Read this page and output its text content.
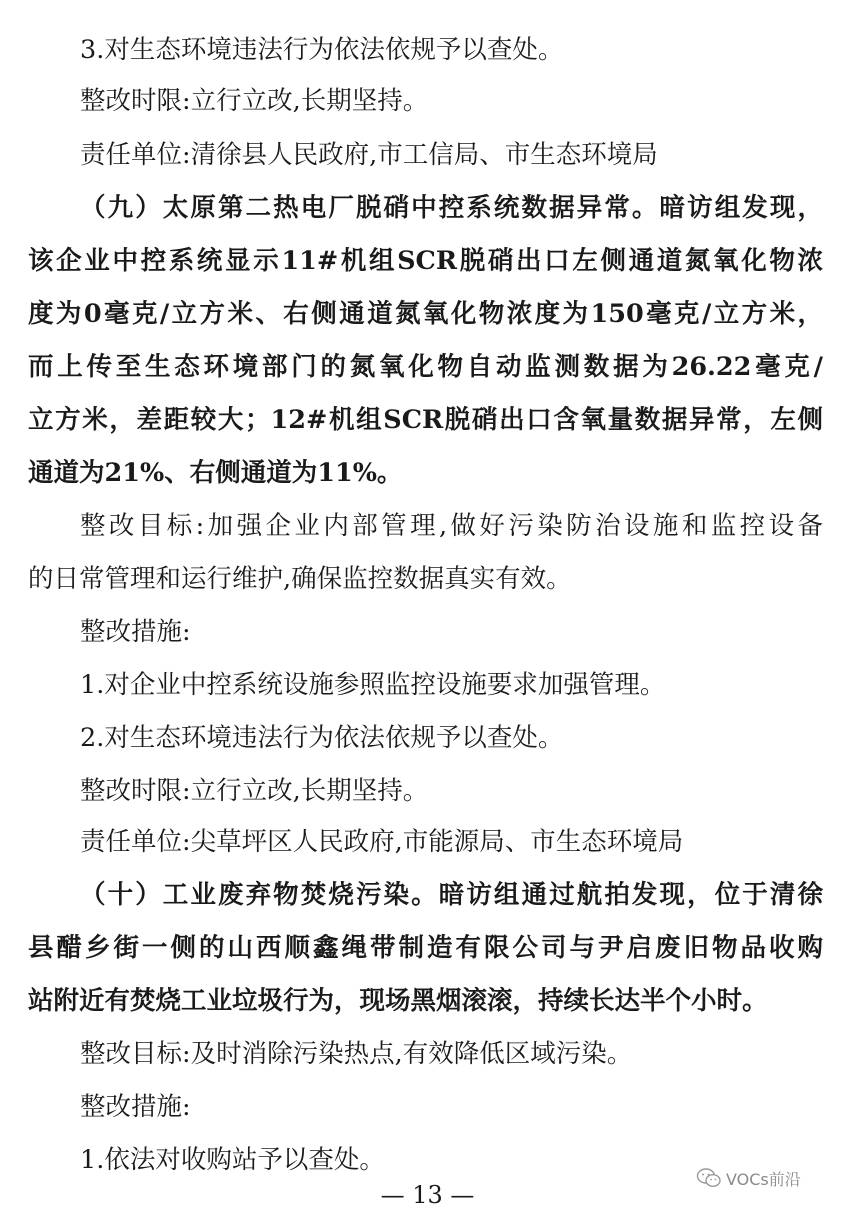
3.对生态环境违法行为依法依规予以查处。
整改时限:立行立改,长期坚持。
责任单位:清徐县人民政府,市工信局、市生态环境局
（九）太原第二热电厂脱硝中控系统数据异常。暗访组发现，
该企业中控系统显示11#机组SCR脱硝出口左侧通道氮氧化物浓
度为0毫克/立方米、右侧通道氮氧化物浓度为150毫克/立方米，
而上传至生态环境部门的氮氧化物自动监测数据为26.22毫克/
立方米，差距较大；12#机组SCR脱硝出口含氧量数据异常，左侧
通道为21%、右侧通道为11%。
整改目标:加强企业内部管理,做好污染防治设施和监控设备
的日常管理和运行维护,确保监控数据真实有效。
整改措施:
1.对企业中控系统设施参照监控设施要求加强管理。
2.对生态环境违法行为依法依规予以查处。
整改时限:立行立改,长期坚持。
责任单位:尖草坪区人民政府,市能源局、市生态环境局
（十）工业废弃物焚烧污染。暗访组通过航拍发现，位于清徐
县醋乡街一侧的山西顺鑫绳带制造有限公司与尹启废旧物品收购
站附近有焚烧工业垃圾行为，现场黑烟滚滚，持续长达半个小时。
整改目标:及时消除污染热点,有效降低区域污染。
整改措施:
1.依法对收购站予以查处。
VOCs前沿
— 13 —
